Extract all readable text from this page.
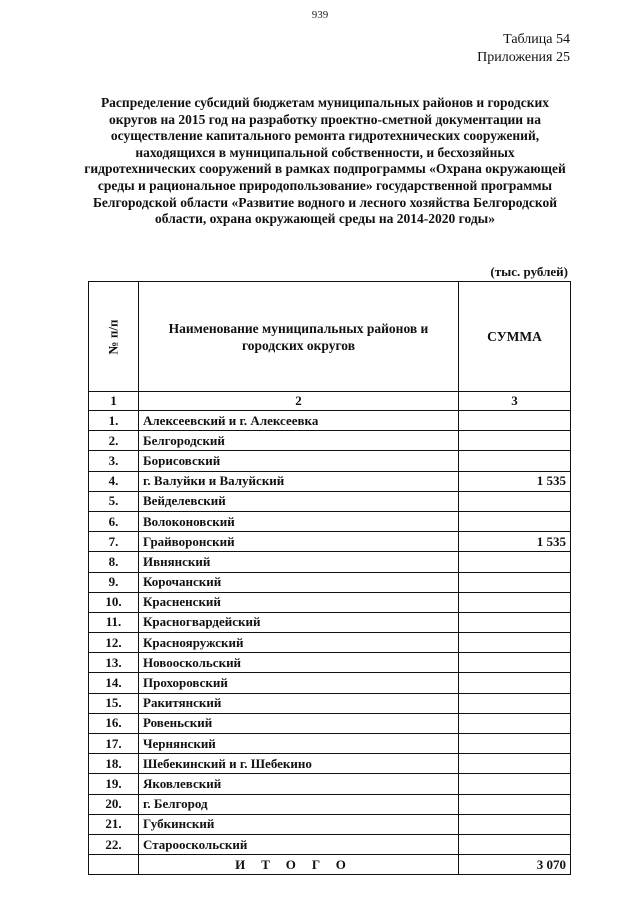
939
Таблица 54
Приложения 25
Распределение субсидий бюджетам муниципальных районов и городских
округов на 2015 год на разработку проектно-сметной документации на
осуществление капитального ремонта гидротехнических сооружений,
находящихся в муниципальной собственности, и бесхозяйных
гидротехнических сооружений в рамках подпрограммы «Охрана окружающей
среды и рациональное природопользование» государственной программы
Белгородской области «Развитие водного и лесного хозяйства Белгородской
области, охрана окружающей среды на 2014-2020 годы»
(тыс. рублей)
№ п/п	Наименование муниципальных районов и городских округов	СУММА
1	2	3
1.	Алексеевский и г. Алексеевка	
2.	Белгородский	
3.	Борисовский	
4.	г. Валуйки и Валуйский	1 535
5.	Вейделевский	
6.	Волоконовский	
7.	Грайворонский	1 535
8.	Ивнянский	
9.	Корочанский	
10.	Красненский	
11.	Красногвардейский	
12.	Краснояружский	
13.	Новооскольский	
14.	Прохоровский	
15.	Ракитянский	
16.	Ровеньский	
17.	Чернянский	
18.	Шебекинский и г. Шебекино	
19.	Яковлевский	
20.	г. Белгород	
21.	Губкинский	
22.	Старооскольский	
	ИТОГО	3 070
